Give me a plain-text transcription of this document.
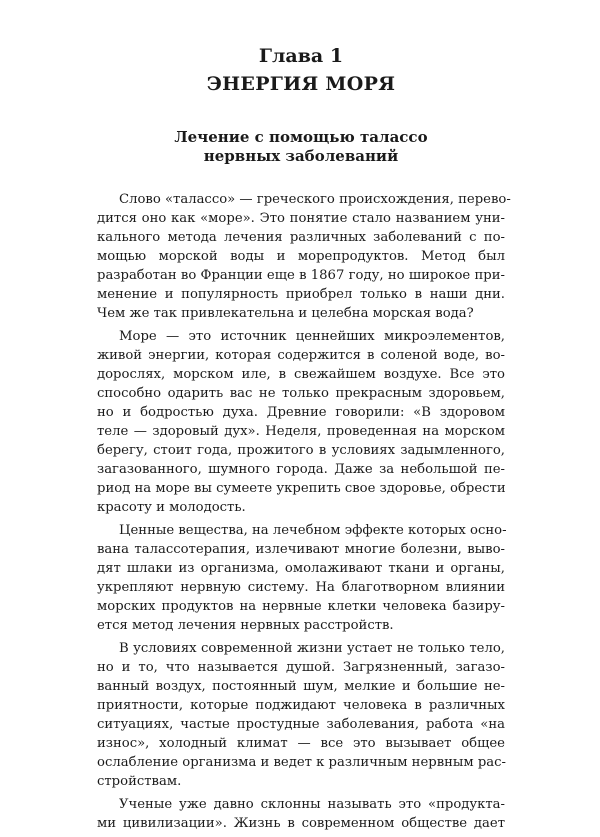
Глава 1
ЭНЕРГИЯ МОРЯ
Лечение с помощью талассо
нервных заболеваний

Слово «талассо» — греческого происхождения, перево-
дится оно как «море». Это понятие стало названием уни-
кального метода лечения различных заболеваний с по-
мощью морской воды и морепродуктов. Метод был
разработан во Франции еще в 1867 году, но широкое при-
менение и популярность приобрел только в наши дни.
Чем же так привлекательна и целебна морская вода?

Море — это источник ценнейших микроэлементов,
живой энергии, которая содержится в соленой воде, во-
дорослях, морском иле, в свежайшем воздухе. Все это
способно одарить вас не только прекрасным здоровьем,
но и бодростью духа. Древние говорили: «В здоровом
теле — здоровый дух». Неделя, проведенная на морском
берегу, стоит года, прожитого в условиях задымленного,
загазованного, шумного города. Даже за небольшой пе-
риод на море вы сумеете укрепить свое здоровье, обрести
красоту и молодость.

Ценные вещества, на лечебном эффекте которых осно-
вана талассотерапия, излечивают многие болезни, выво-
дят шлаки из организма, омолаживают ткани и органы,
укрепляют нервную систему. На благотворном влиянии
морских продуктов на нервные клетки человека базиру-
ется метод лечения нервных расстройств.

В условиях современной жизни устает не только тело,
но и то, что называется душой. Загрязненный, загазо-
ванный воздух, постоянный шум, мелкие и большие не-
приятности, которые поджидают человека в различных
ситуациях, частые простудные заболевания, работа «на
износ», холодный климат — все это вызывает общее
ослабление организма и ведет к различным нервным рас-
стройствам.

Ученые уже давно склонны называть это «продукта-
ми цивилизации». Жизнь в современном обществе дает
